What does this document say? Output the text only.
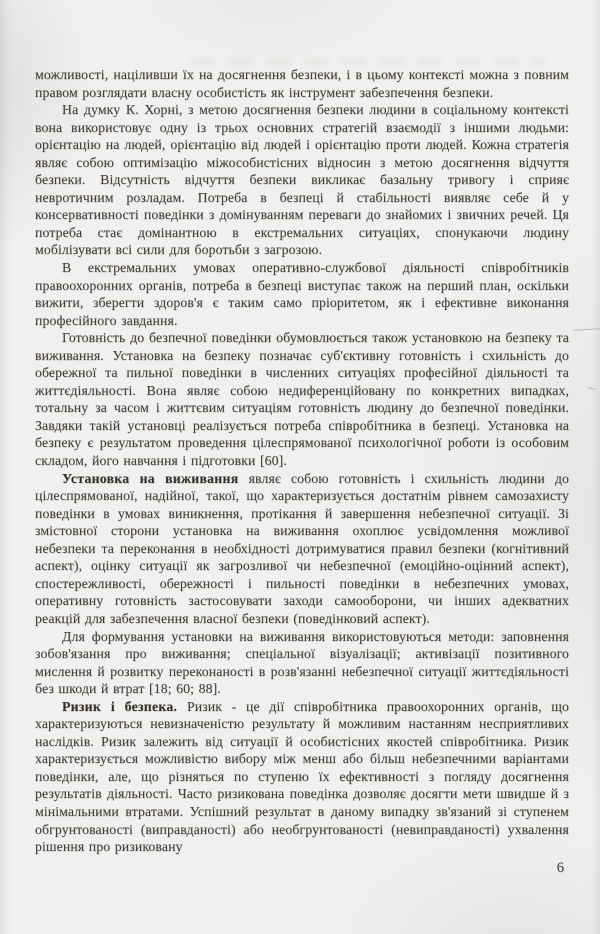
можливості, націливши їх на досягнення безпеки, і в цьому контексті можна з повним правом розглядати власну особистість як інструмент забезпечення безпеки.

На думку К. Хорні, з метою досягнення безпеки людини в соціальному контексті вона використовує одну із трьох основних стратегій взаємодії з іншими людьми: орієнтацію на людей, орієнтацію від людей і орієнтацію проти людей. Кожна стратегія являє собою оптимізацію міжособистісних відносин з метою досягнення відчуття безпеки. Відсутність відчуття безпеки викликає базальну тривогу і сприяє невротичним розладам. Потреба в безпеці й стабільності виявляє себе й у консервативності поведінки з домінуванням переваги до знайомих і звичних речей. Ця потреба стає домінантною в екстремальних ситуаціях, спонукаючи людину мобілізувати всі сили для боротьби з загрозою.

В екстремальних умовах оперативно-службової діяльності співробітників правоохоронних органів, потреба в безпеці виступає також на перший план, оскільки вижити, зберегти здоров'я є таким само пріоритетом, як і ефективне виконання професійного завдання.

Готовність до безпечної поведінки обумовлюється також установкою на безпеку та виживання. Установка на безпеку позначає суб'єктивну готовність і схильність до обережної та пильної поведінки в численних ситуаціях професійної діяльності та життєдіяльності. Вона являє собою недиференційовану по конкретних випадках, тотальну за часом і життєвим ситуаціям готовність людину до безпечної поведінки. Завдяки такій установці реалізується потреба співробітника в безпеці. Установка на безпеку є результатом проведення цілеспрямованої психологічної роботи із особовим складом, його навчання і підготовки [60].

Установка на виживання являє собою готовність і схильність людини до цілеспрямованої, надійної, такої, що характеризується достатнім рівнем самозахисту поведінки в умовах виникнення, протікання й завершення небезпечної ситуації. Зі змістовної сторони установка на виживання охоплює усвідомлення можливої небезпеки та переконання в необхідності дотримуватися правил безпеки (когнітивний аспект), оцінку ситуації як загрозливої чи небезпечної (емоційно-оцінний аспект), спостережливості, обережності і пильності поведінки в небезпечних умовах, оперативну готовність застосовувати заходи самооборони, чи інших адекватних реакцій для забезпечення власної безпеки (поведінковий аспект).

Для формування установки на виживання використовуються методи: заповнення зобов'язання про виживання; спеціальної візуалізації; активізації позитивного мислення й розвитку переконаності в розв'язанні небезпечної ситуації життєдіяльності без шкоди й втрат [18; 60; 88].

Ризик і безпека. Ризик - це дії співробітника правоохоронних органів, що характеризуються невизначеністю результату й можливим настанням несприятливих наслідків. Ризик залежить від ситуації й особистісних якостей співробітника. Ризик характеризується можливістю вибору між менш або більш небезпечними варіантами поведінки, але, що різняться по ступеню їх ефективності з погляду досягнення результатів діяльності. Часто ризикована поведінка дозволяє досягти мети швидше й з мінімальними втратами. Успішний результат в даному випадку зв'язаний зі ступенем обгрунтованості (виправданості) або необгрунтованості (невиправданості) ухвалення рішення про ризиковану

6
